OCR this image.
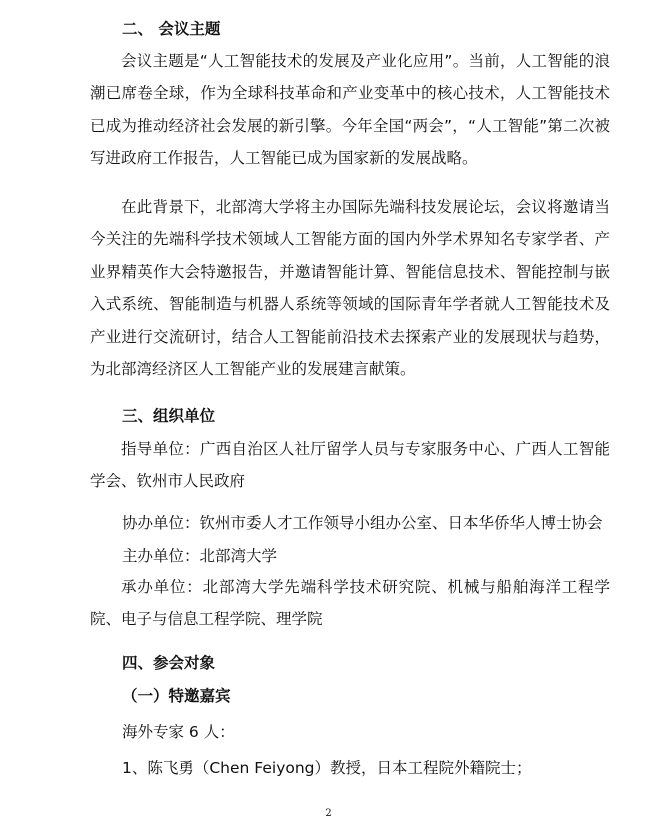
二、 会议主题

会议主题是“人工智能技术的发展及产业化应用”。当前，人工智能的浪潮已席卷全球，作为全球科技革命和产业变革中的核心技术，人工智能技术已成为推动经济社会发展的新引擎。今年全国“两会”，“人工智能”第二次被写进政府工作报告，人工智能已成为国家新的发展战略。

在此背景下，北部湾大学将主办国际先端科技发展论坛，会议将邀请当今关注的先端科学技术领域人工智能方面的国内外学术界知名专家学者、产业界精英作大会特邀报告，并邀请智能计算、智能信息技术、智能控制与嵌入式系统、智能制造与机器人系统等领域的国际青年学者就人工智能技术及产业进行交流研讨，结合人工智能前沿技术去探索产业的发展现状与趋势，为北部湾经济区人工智能产业的发展建言献策。

三、组织单位

指导单位：广西自治区人社厅留学人员与专家服务中心、广西人工智能学会、钦州市人民政府

协办单位：钦州市委人才工作领导小组办公室、日本华侨华人博士协会
主办单位：北部湾大学

承办单位：北部湾大学先端科学技术研究院、机械与船舶海洋工程学院、电子与信息工程学院、理学院

四、参会对象
（一）特邀嘉宾
海外专家 6 人：
1、陈飞勇（Chen Feiyong）教授，日本工程院外籍院士；
2
